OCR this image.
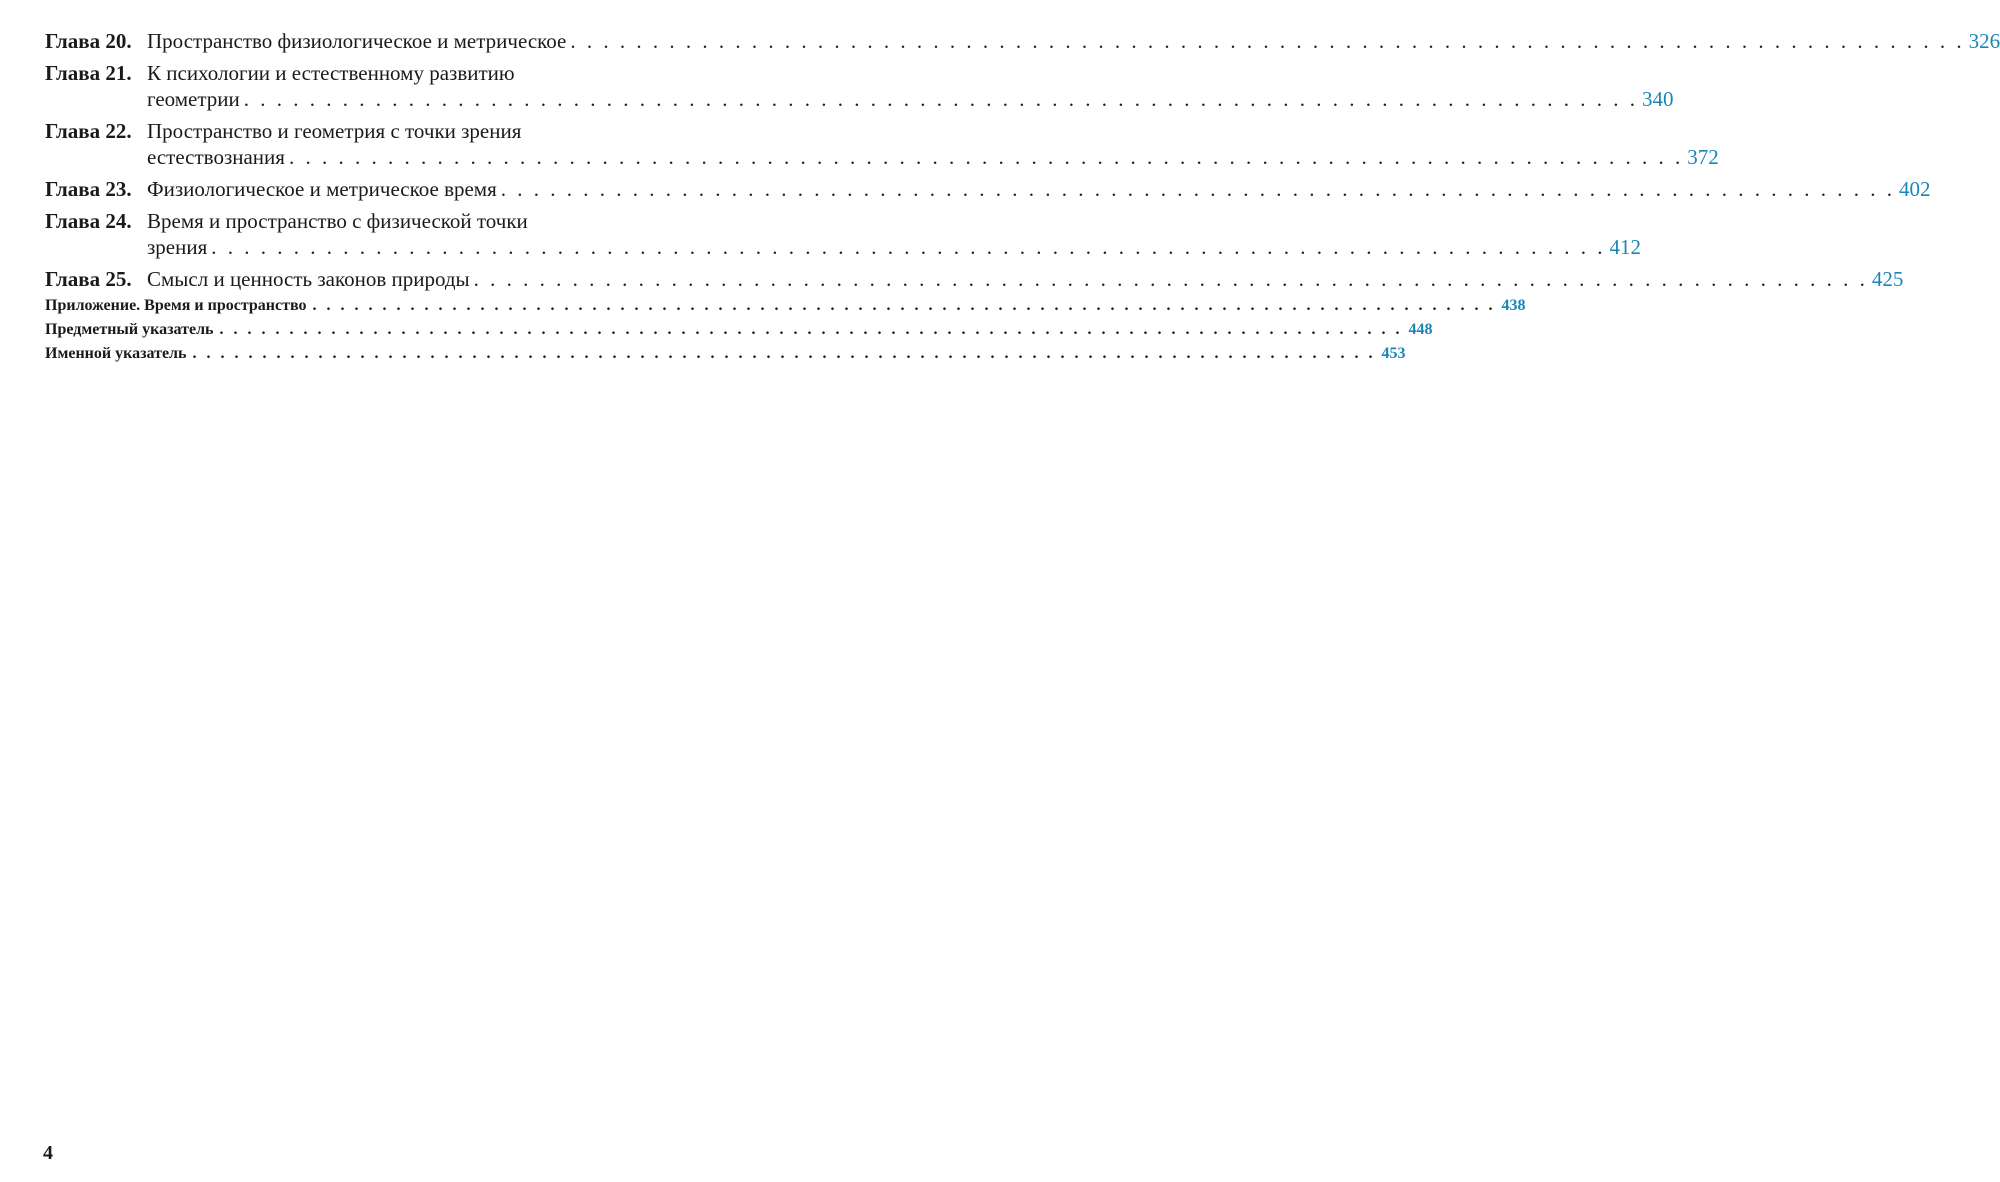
Глава 20. Пространство физиологическое и метрическое . . . . . . . . . . . . . . . . . . . . . . . . . . . . . . . . . . . . . . . . . . . . . . . . . . . . . . . . . . . . . . . . . . . . . . . . . . . . . . . . . . . . . 326
Глава 21. К психологии и естественному развитию
геометрии . . . . . . . . . . . . . . . . . . . . . . . . . . . . . . . . . . . . . . . . . . . . . . . . . . . . . . . . . . . . . . . . . . . . . . . . . . . . . . . . . . . . . 340
Глава 22. Пространство и геометрия с точки зрения
естествознания . . . . . . . . . . . . . . . . . . . . . . . . . . . . . . . . . . . . . . . . . . . . . . . . . . . . . . . . . . . . . . . . . . . . . . . . . . . . . . . . . . . . . 372
Глава 23. Физиологическое и метрическое время . . . . . . . . . . . . . . . . . . . . . . . . . . . . . . . . . . . . . . . . . . . . . . . . . . . . . . . . . . . . . . . . . . . . . . . . . . . . . . . . . . . . . 402
Глава 24. Время и пространство с физической точки
зрения . . . . . . . . . . . . . . . . . . . . . . . . . . . . . . . . . . . . . . . . . . . . . . . . . . . . . . . . . . . . . . . . . . . . . . . . . . . . . . . . . . . . . 412
Глава 25. Смысл и ценность законов природы . . . . . . . . . . . . . . . . . . . . . . . . . . . . . . . . . . . . . . . . . . . . . . . . . . . . . . . . . . . . . . . . . . . . . . . . . . . . . . . . . . . . . 425
Приложение. Время и пространство . . . . . . . . . . . . . . . . . . . . . . . . . . . . . . . . . . . . . . . . . . . . . . . . . . . . . . . . . . . . . . . . . . . . . . . . . . . . . . . . . . . . . 438
Предметный указатель . . . . . . . . . . . . . . . . . . . . . . . . . . . . . . . . . . . . . . . . . . . . . . . . . . . . . . . . . . . . . . . . . . . . . . . . . . . . . . . . . . . . . 448
Именной указатель . . . . . . . . . . . . . . . . . . . . . . . . . . . . . . . . . . . . . . . . . . . . . . . . . . . . . . . . . . . . . . . . . . . . . . . . . . . . . . . . . . . . . 453
4
